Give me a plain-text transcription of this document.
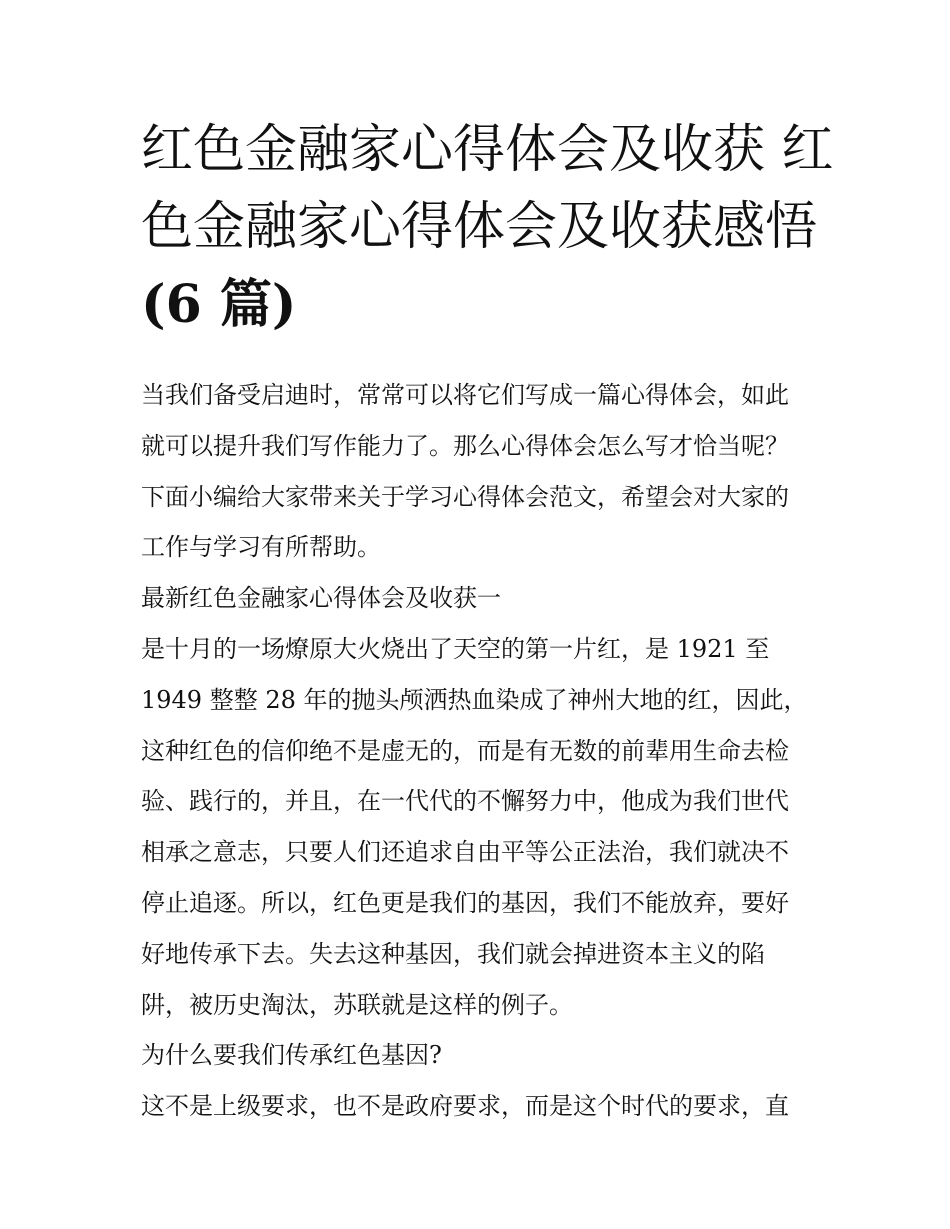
红色金融家心得体会及收获 红
色金融家心得体会及收获感悟
(6 篇)
当我们备受启迪时，常常可以将它们写成一篇心得体会，如此
就可以提升我们写作能力了。那么心得体会怎么写才恰当呢？
下面小编给大家带来关于学习心得体会范文，希望会对大家的
工作与学习有所帮助。
最新红色金融家心得体会及收获一
是十月的一场燎原大火烧出了天空的第一片红，是 1921 至
1949 整整 28 年的抛头颅洒热血染成了神州大地的红，因此，
这种红色的信仰绝不是虚无的，而是有无数的前辈用生命去检
验、践行的，并且，在一代代的不懈努力中，他成为我们世代
相承之意志，只要人们还追求自由平等公正法治，我们就决不
停止追逐。所以，红色更是我们的基因，我们不能放弃，要好
好地传承下去。失去这种基因，我们就会掉进资本主义的陷
阱，被历史淘汰，苏联就是这样的例子。
为什么要我们传承红色基因?
这不是上级要求，也不是政府要求，而是这个时代的要求，直
